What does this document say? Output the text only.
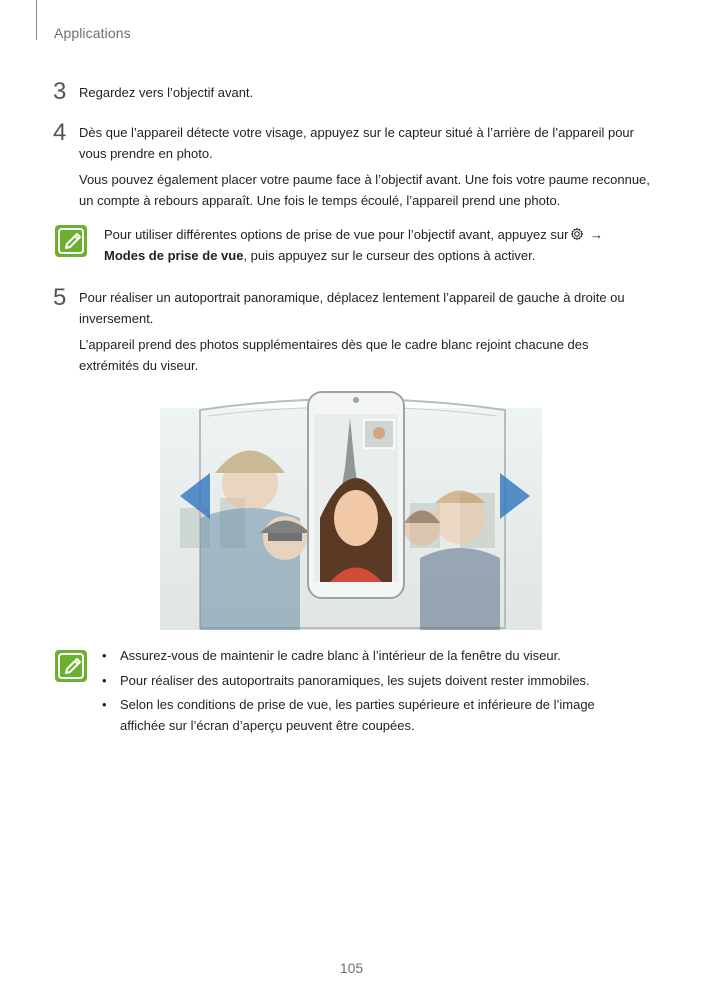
Applications
3 Regardez vers l’objectif avant.

4 Dès que l’appareil détecte votre visage, appuyez sur le capteur situé à l’arrière de l’appareil pour vous prendre en photo.

Vous pouvez également placer votre paume face à l’objectif avant. Une fois votre paume reconnue, un compte à rebours apparaît. Une fois le temps écoulé, l’appareil prend une photo.

Pour utiliser différentes options de prise de vue pour l’objectif avant, appuyez sur →
Modes de prise de vue, puis appuyez sur le curseur des options à activer.

5 Pour réaliser un autoportrait panoramique, déplacez lentement l’appareil de gauche à droite ou inversement.

L’appareil prend des photos supplémentaires dès que le cadre blanc rejoint chacune des extrémités du viseur.

• Assurez-vous de maintenir le cadre blanc à l’intérieur de la fenêtre du viseur.
• Pour réaliser des autoportraits panoramiques, les sujets doivent rester immobiles.
• Selon les conditions de prise de vue, les parties supérieure et inférieure de l’image affichée sur l’écran d’aperçu peuvent être coupées.
105
